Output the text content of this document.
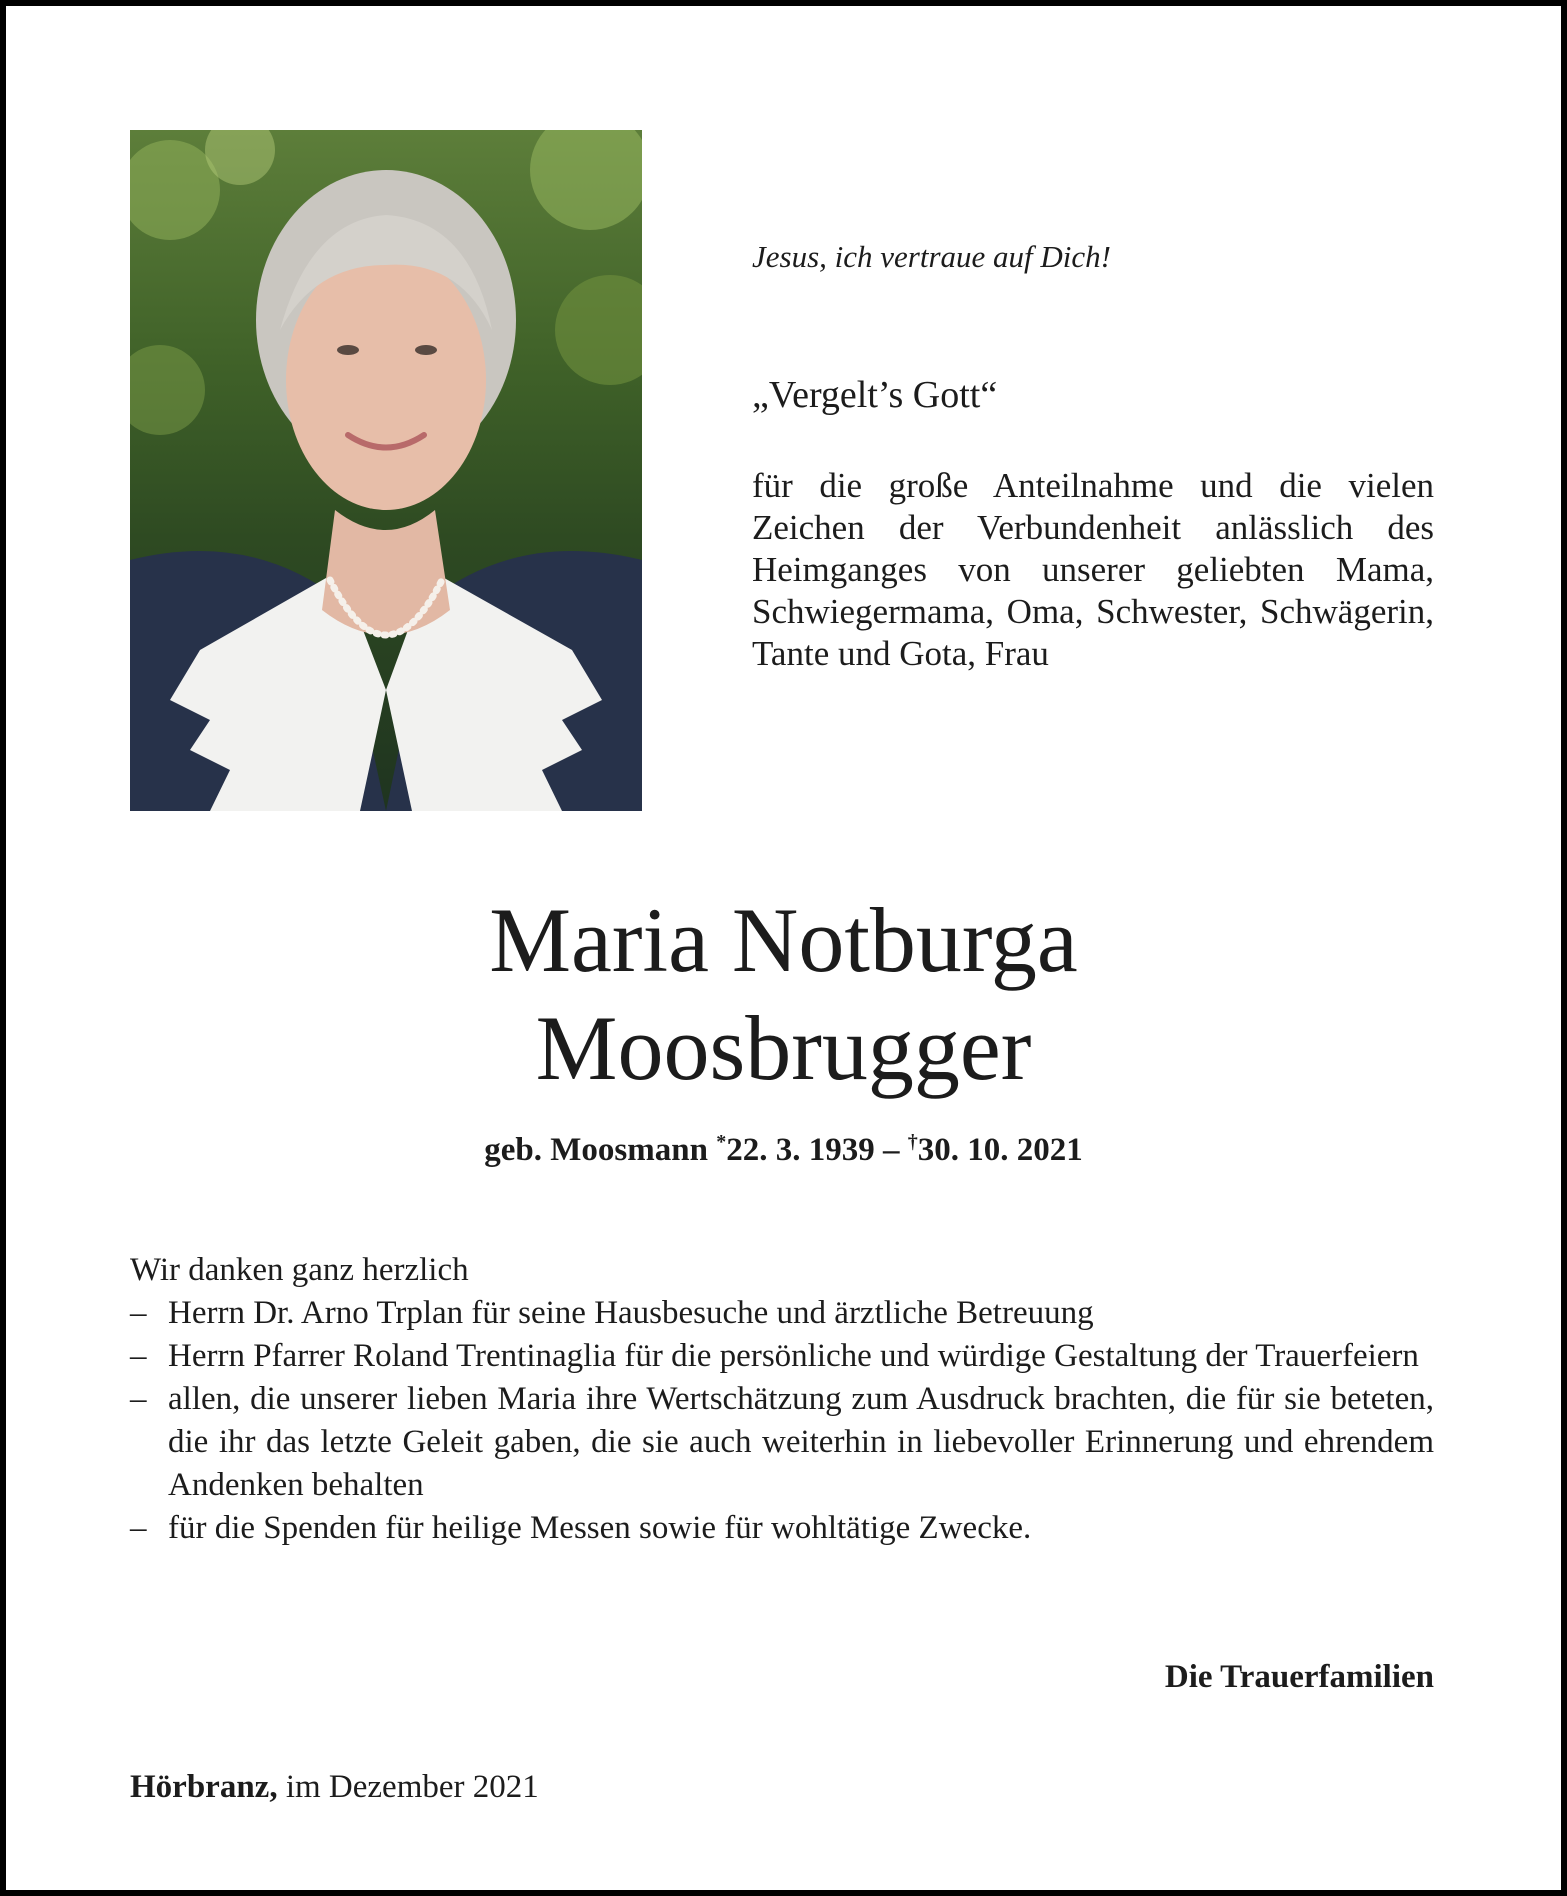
Jesus, ich vertraue auf Dich!
„Vergelt’s Gott“
für die große Anteilnahme und die vielen Zeichen der Verbundenheit anlässlich des Heimganges von unserer geliebten Mama, Schwiegermama, Oma, Schwester, Schwägerin, Tante und Gota, Frau
Maria Notburga
Moosbrugger
geb. Moosmann *22. 3. 1939 – †30. 10. 2021
Wir danken ganz herzlich
– Herrn Dr. Arno Trplan für seine Hausbesuche und ärztliche Betreuung
– Herrn Pfarrer Roland Trentinaglia für die persönliche und würdige Gestaltung der Trauerfeiern
– allen, die unserer lieben Maria ihre Wertschätzung zum Ausdruck brachten, die für sie beteten, die ihr das letzte Geleit gaben, die sie auch weiterhin in liebevoller Erinnerung und ehrendem Andenken behalten
– für die Spenden für heilige Messen sowie für wohltätige Zwecke.
Die Trauerfamilien
Hörbranz, im Dezember 2021
